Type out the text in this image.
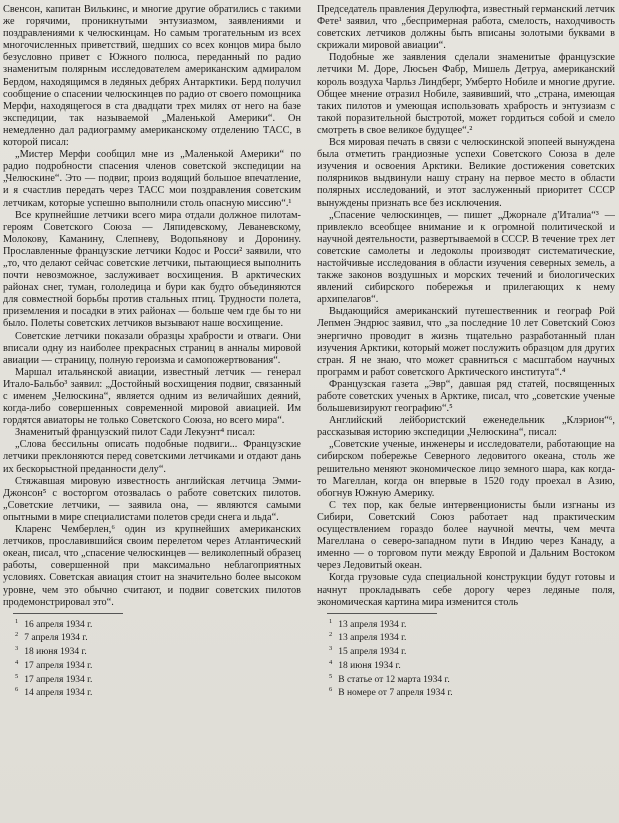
Свенсон, капитан Вилькинс, и многие другие обратились с такими же горячими, проникнутыми энтузиазмом, заявлениями и поздравлениями к челюскинцам. Но самым трогательным из всех многочисленных приветствий, шедших со всех концов мира было безусловно привет с Южного полюса, переданный по радио знаменитым полярным исследователем американским адмиралом Бердом, находящимся в ледяных дебрях Антарктики. Берд получил сообщение о спасении челюскинцев по радио от своего помощника Мерфи, находящегося в ста двадцати трех милях от него на базе экспедиции, так называемой „Маленькой Америки“. Он немедленно дал радиограмму американскому отделению ТАСС, в которой писал:

„Мистер Мерфи сообщил мне из „Маленькой Америки“ по радио подробности спасения членов советской экспедиции на „Челюскине“. Это — подвиг, произ водящий большое впечатление, и я счастлив передать через ТАСС мои поздравления советским летчикам, которые успешно выполнили столь опасную миссию“.¹

Все крупнейшие летчики всего мира отдали должное пилотам-героям Советского Союза — Ляпидевскому, Леваневскому, Молокову, Каманину, Слепневу, Водопьянову и Доронину. Прославленные французские летчики Кодос и Росси² заявили, что „то, что делают сейчас советские летчики, пытающиеся выполнить почти невозможное, заслуживает восхищения. В арктических районах снег, туман, гололедица и бури как будто объединяются для совместной борьбы против стальных птиц. Трудности полета, приземления и посадки в этих районах — больше чем где бы то ни было. Полеты советских летчиков вызывают наше восхищение.

Советские летчики показали образцы храбрости и отваги. Они вписали одну из наиболее прекрасных страниц в анналы мировой авиации — страницу, полную героизма и самопожертвования“.

Маршал итальянской авиации, известный летчик — генерал Итало-Бальбо³ заявил: „Достойный восхищения подвиг, связанный с именем „Челюскина“, является одним из величайших деяний, когда-либо совершенных современной мировой авиацией. Им гордятся авиаторы не только Советского Союза, но всего мира“.

Знаменитый французский пилот Сади Лекуэнт⁴ писал:

„Слова бессильны описать подобные подвиги... Французские летчики преклоняются перед советскими летчиками и отдают дань их бескорыстной преданности делу“.

Стяжавшая мировую известность английская летчица Эмми-Джонсон⁵ с восторгом отозвалась о работе советских пилотов. „Советские летчики, — заявила она, — являются самыми опытными в мире специалистами полетов среди снега и льда“.

Кларенс Чемберлен,⁶ один из крупнейших американских летчиков, прославившийся своим перелетом через Атлантический океан, писал, что „спасение челюскинцев — великолепный образец работы, совершенной при максимально неблагоприятных условиях. Советская авиация стоит на значительно более высоком уровне, чем это обычно считают, и подвиг советских пилотов продемонстрировал это“.

$^1$ 16 апреля 1934 г.
$^2$ 7 апреля 1934 г.
$^3$ 18 июня 1934 г.
$^4$ 17 апреля 1934 г.
$^5$ 17 апреля 1934 г.
$^6$ 14 апреля 1934 г.

Председатель правления Дерулюфта, известный германский летчик Фете¹ заявил, что „беспримерная работа, смелость, находчивость советских летчиков должны быть вписаны золотыми буквами в скрижали мировой авиации“.

Подобные же заявления сделали знаменитые французские летчики М. Доре, Люсьен Фабр, Мишель Детруа, американский король воздуха Чарльз Линдберг, Умберто Нобиле и многие другие. Общее мнение отразил Нобиле, заявивший, что „страна, имеющая таких пилотов и умеющая использовать храбрость и энтузиазм с такой поразительной быстротой, может гордиться собой и смело смотреть в свое великое будущее“.²

Вся мировая печать в связи с челюскинской эпопеей вынуждена была отметить грандиозные успехи Советского Союза в деле изучения и освоения Арктики. Великие достижения советских полярников выдвинули нашу страну на первое место в области полярных исследований, и этот заслуженный приоритет СССР вынуждены признать все без исключения.

„Спасение челюскинцев, — пишет „Джорнале д'Италиа“³ — привлекло всеобщее внимание и к огромной политической и научной деятельности, развертываемой в СССР. В течение трех лет советские самолеты и ледоколы производят систематические, настойчивые исследования в области изучения северных земель, а также законов воздушных и морских течений и биологических явлений сибирского побережья и прилегающих к нему архипелагов“.

Выдающийся американский путешественник и географ Рой Лепмен Эндрюс заявил, что „за последние 10 лет Советский Союз энергично проводит в жизнь тщательно разработанный план изучения Арктики, который может послужить образцом для других стран. Я не знаю, что может сравниться с масштабом научных программ и работ советского Арктического института“.⁴

Французская газета „Эвр“, давшая ряд статей, посвященных работе советских ученых в Арктике, писал, что „советские ученые большевизируют географию“.⁵

Английский лейбористский еженедельник „Клэрион“⁶, рассказывая историю экспедиции „Челюскина“, писал:

„Советские ученые, инженеры и исследователи, работающие на сибирском побережье Северного ледовитого океана, столь же решительно меняют экономическое лицо земного шара, как когда-то Магеллан, когда он впервые в 1520 году проехал в Азию, обогнув Южную Америку.

С тех пор, как белые интервенционисты были изгнаны из Сибири, Советский Союз работает над практическим осуществлением гораздо более научной мечты, чем мечта Магеллана о северо-западном пути в Индию через Канаду, а именно — о торговом пути между Европой и Дальним Востоком через Ледовитый океан.

Когда грузовые суда специальной конструкции будут готовы и начнут прокладывать себе дорогу через ледяные поля, экономическая картина мира изменится столь

$^1$ 13 апреля 1934 г.
$^2$ 13 апреля 1934 г.
$^3$ 15 апреля 1934 г.
$^4$ 18 июня 1934 г.
$^5$ В статье от 12 марта 1934 г.
$^6$ В номере от 7 апреля 1934 г.
